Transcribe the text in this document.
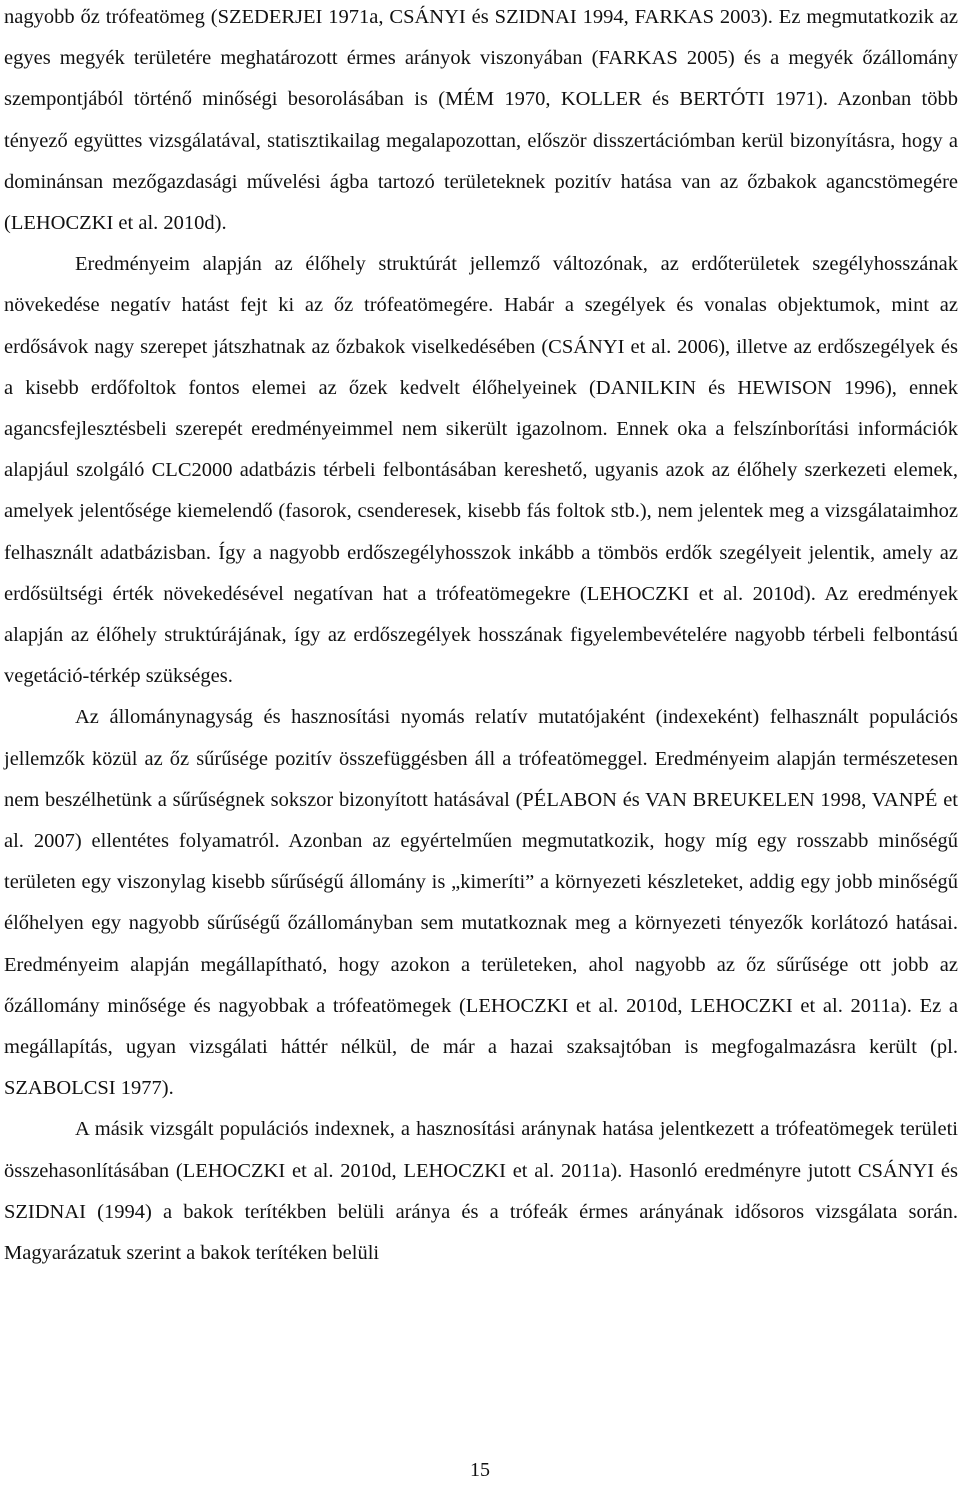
nagyobb őz trófeatömeg (SZEDERJEI 1971a, CSÁNYI és SZIDNAI 1994, FARKAS 2003). Ez megmutatkozik az egyes megyék területére meghatározott érmes arányok viszonyában (FARKAS 2005) és a megyék őzállomány szempontjából történő minőségi besorolásában is (MÉM 1970, KOLLER és BERTÓTI 1971). Azonban több tényező együttes vizsgálatával, statisztikailag megalapozottan, először disszertációmban kerül bizonyításra, hogy a dominánsan mezőgazdasági művelési ágba tartozó területeknek pozitív hatása van az őzbakok agancstömegére (LEHOCZKI et al. 2010d).

Eredményeim alapján az élőhely struktúrát jellemző változónak, az erdőterületek szegélyhosszának növekedése negatív hatást fejt ki az őz trófeatömegére. Habár a szegélyek és vonalas objektumok, mint az erdősávok nagy szerepet játszhatnak az őzbakok viselkedésében (CSÁNYI et al. 2006), illetve az erdőszegélyek és a kisebb erdőfoltok fontos elemei az őzek kedvelt élőhelyeinek (DANILKIN és HEWISON 1996), ennek agancsfejlesztésbeli szerepét eredményeimmel nem sikerült igazolnom. Ennek oka a felszínborítási információk alapjául szolgáló CLC2000 adatbázis térbeli felbontásában kereshető, ugyanis azok az élőhely szerkezeti elemek, amelyek jelentősége kiemelendő (fasorok, csenderesek, kisebb fás foltok stb.), nem jelentek meg a vizsgálataimhoz felhasznált adatbázisban. Így a nagyobb erdőszegélyhosszok inkább a tömbös erdők szegélyeit jelentik, amely az erdősültségi érték növekedésével negatívan hat a trófeatömegekre (LEHOCZKI et al. 2010d). Az eredmények alapján az élőhely struktúrájának, így az erdőszegélyek hosszának figyelembevételére nagyobb térbeli felbontású vegetáció-térkép szükséges.

Az állománynagyság és hasznosítási nyomás relatív mutatójaként (indexeként) felhasznált populációs jellemzők közül az őz sűrűsége pozitív összefüggésben áll a trófeatömeggel. Eredményeim alapján természetesen nem beszélhetünk a sűrűségnek sokszor bizonyított hatásával (PÉLABON és VAN BREUKELEN 1998, VANPÉ et al. 2007) ellentétes folyamatról. Azonban az egyértelműen megmutatkozik, hogy míg egy rosszabb minőségű területen egy viszonylag kisebb sűrűségű állomány is „kimeríti” a környezeti készleteket, addig egy jobb minőségű élőhelyen egy nagyobb sűrűségű őzállományban sem mutatkoznak meg a környezeti tényezők korlátozó hatásai. Eredményeim alapján megállapítható, hogy azokon a területeken, ahol nagyobb az őz sűrűsége ott jobb az őzállomány minősége és nagyobbak a trófeatömegek (LEHOCZKI et al. 2010d, LEHOCZKI et al. 2011a). Ez a megállapítás, ugyan vizsgálati háttér nélkül, de már a hazai szaksajtóban is megfogalmazásra került (pl. SZABOLCSI 1977).

A másik vizsgált populációs indexnek, a hasznosítási aránynak hatása jelentkezett a trófeatömegek területi összehasonlításában (LEHOCZKI et al. 2010d, LEHOCZKI et al. 2011a). Hasonló eredményre jutott CSÁNYI és SZIDNAI (1994) a bakok terítékben belüli aránya és a trófeák érmes arányának idősoros vizsgálata során. Magyarázatuk szerint a bakok terítéken belüli

15
